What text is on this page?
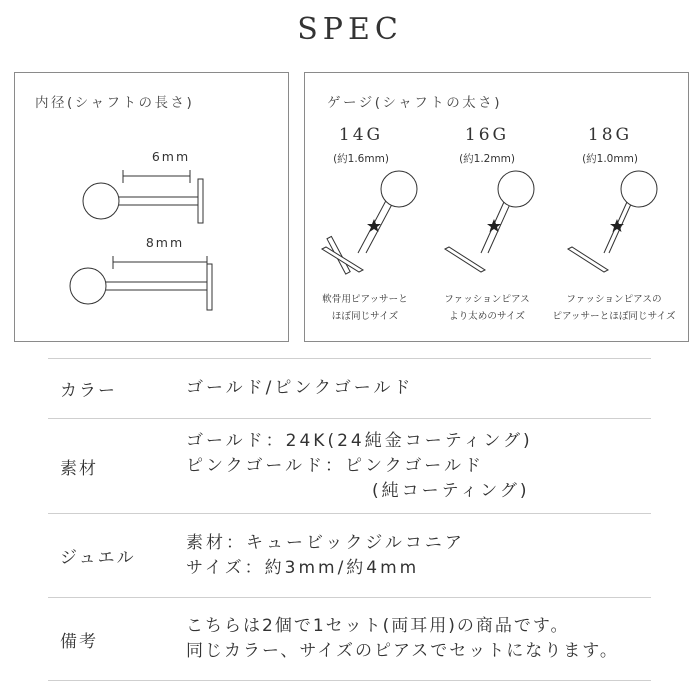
SPEC
内径(シャフトの長さ)
6mm
8mm
ゲージ(シャフトの太さ)
14G
(約1.6mm)
16G
(約1.2mm)
18G
(約1.0mm)
軟骨用ピアッサーと
ほぼ同じサイズ
ファッションピアス
より太めのサイズ
ファッションピアスの
ピアッサーとほぼ同じサイズ
カラー	ゴールド/ピンクゴールド
素材
ゴールド：24K(24純金コーティング)
ピンクゴールド：ピンクゴールド
(純コーティング)
ジュエル
素材：キュービックジルコニア
サイズ：約3mm/約4mm
備考
こちらは2個で1セット(両耳用)の商品です。
同じカラー、サイズのピアスでセットになります。
